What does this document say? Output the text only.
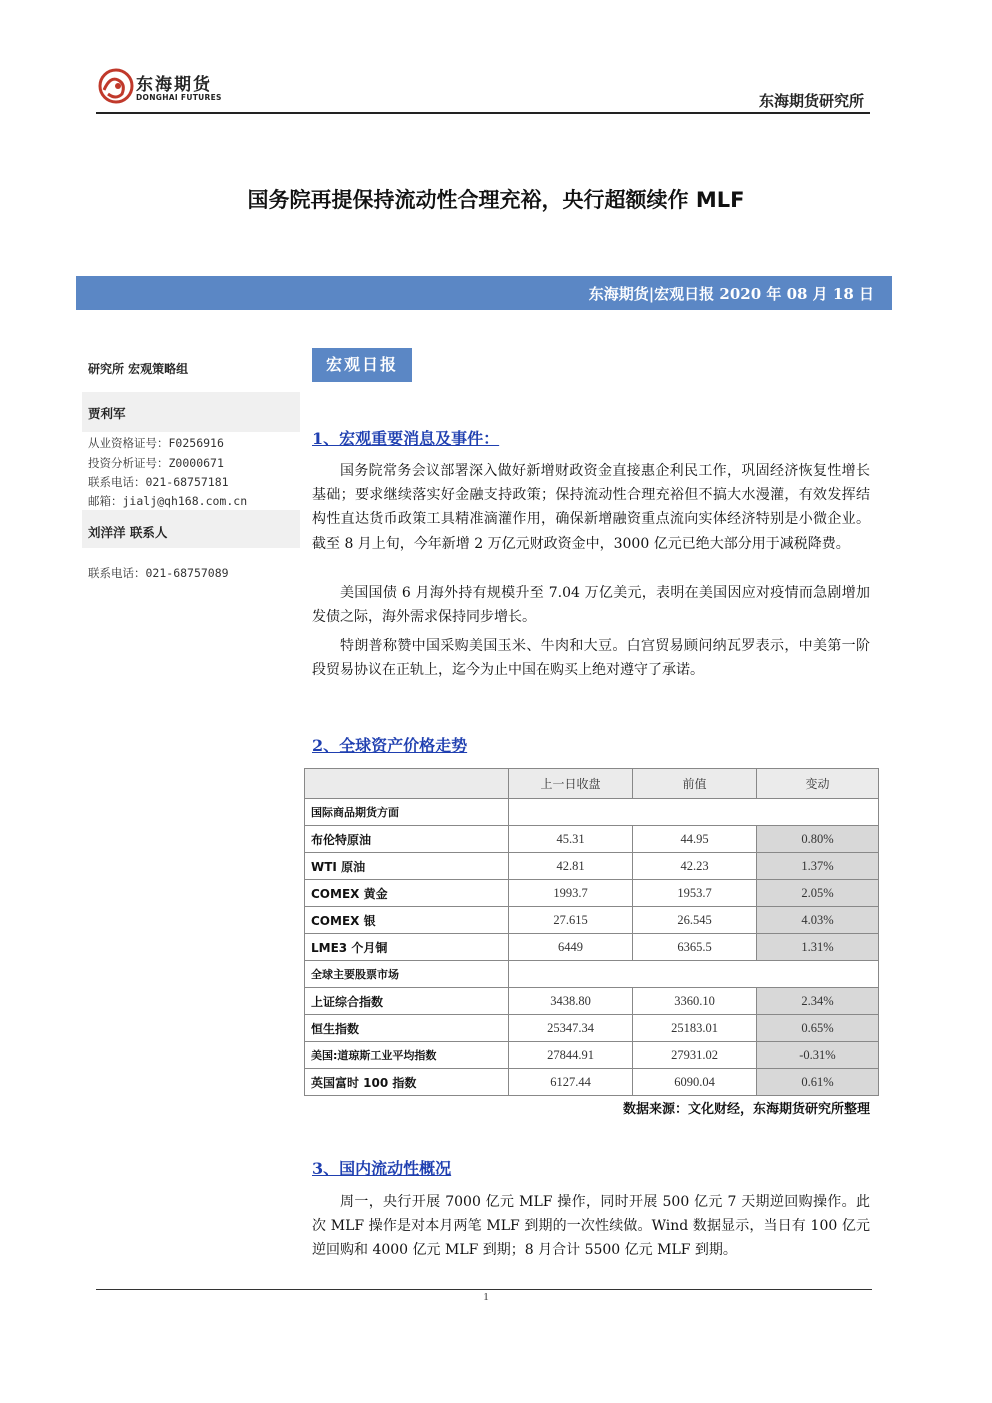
东海期货
DONGHAI FUTURES	东海期货研究所
国务院再提保持流动性合理充裕，央行超额续作 MLF
东海期货|宏观日报 2020 年 08 月 18 日
研究所 宏观策略组
贾利军
从业资格证号：F0256916
投资分析证号：Z0000671
联系电话：021-68757181
邮箱：jialj@qh168.com.cn
刘洋洋 联系人
联系电话：021-68757089
宏观日报
1、宏观重要消息及事件：

国务院常务会议部署深入做好新增财政资金直接惠企利民工作，巩固经济恢复性增长基础；要求继续落实好金融支持政策；保持流动性合理充裕但不搞大水漫灌，有效发挥结构性直达货币政策工具精准滴灌作用，确保新增融资重点流向实体经济特别是小微企业。截至 8 月上旬，今年新增 2 万亿元财政资金中，3000 亿元已绝大部分用于减税降费。

美国国债 6 月海外持有规模升至 7.04 万亿美元，表明在美国因应对疫情而急剧增加发债之际，海外需求保持同步增长。

特朗普称赞中国采购美国玉米、牛肉和大豆。白宫贸易顾问纳瓦罗表示，中美第一阶段贸易协议在正轨上，迄今为止中国在购买上绝对遵守了承诺。

2、全球资产价格走势
	上一日收盘	前值	变动
国际商品期货方面			
布伦特原油	45.31	44.95	0.80%
WTI 原油	42.81	42.23	1.37%
COMEX 黄金	1993.7	1953.7	2.05%
COMEX 银	27.615	26.545	4.03%
LME3 个月铜	6449	6365.5	1.31%
全球主要股票市场			
上证综合指数	3438.80	3360.10	2.34%
恒生指数	25347.34	25183.01	0.65%
美国:道琼斯工业平均指数	27844.91	27931.02	-0.31%
英国富时 100 指数	6127.44	6090.04	0.61%
数据来源：文化财经，东海期货研究所整理
3、国内流动性概况

周一，央行开展 7000 亿元 MLF 操作，同时开展 500 亿元 7 天期逆回购操作。此次 MLF 操作是对本月两笔 MLF 到期的一次性续做。Wind 数据显示，当日有 100 亿元逆回购和 4000 亿元 MLF 到期；8 月合计 5500 亿元 MLF 到期。

1
